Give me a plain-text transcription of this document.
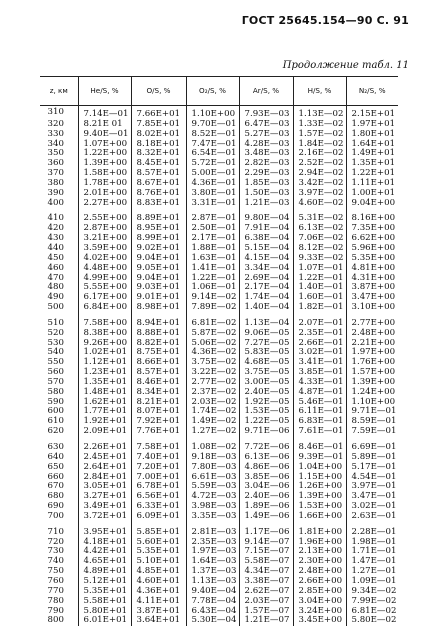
ГОСТ 25645.154—90 С. 91
Продолжение табл. 11
z, км	He/S, %	O/S, %	O₂/S, %	Ar/S, %	H/S, %	N₂/S, %
310	7.14E—01	7.66E+01	1.10E+00	7.93E—03	1.13E—02	2.15E+01
320	8.21E 01	7.85E+01	9.70E—01	6.47E—03	1.33E—02	1.97E+01
330	9.40E—01	8.02E+01	8.52E—01	5.27E—03	1.57E—02	1.80E+01
340	1.07E+00	8.18E+01	7.47E—01	4.28E—03	1.84E—02	1.64E+01
350	1.22E+00	8.32E+01	6.54E—01	3.48E—03	2.16E—02	1.49E+01
360	1.39E+00	8.45E+01	5.72E—01	2.82E—03	2.52E—02	1.35E+01
370	1.58E+00	8.57E+01	5.00E—01	2.29E—03	2.94E—02	1.22E+01
380	1.78E+00	8.67E+01	4.36E—01	1.85E—03	3.42E—02	1.11E+01
390	2.01E+00	8.76E+01	3.80E—01	1.50E—03	3.97E—02	1.00E+01
400	2.27E+00	8.83E+01	3.31E—01	1.21E—03	4.60E—02	9.04E+00

410	2.55E+00	8.89E+01	2.87E—01	9.80E—04	5.31E—02	8.16E+00
420	2.87E+00	8.95E+01	2.50E—01	7.91E—04	6.13E—02	7.35E+00
430	3.21E+00	8.99E+01	2.17E—01	6.38E—04	7.06E—02	6.62E+00
440	3.59E+00	9.02E+01	1.88E—01	5.15E—04	8.12E—02	5.96E+00
450	4.02E+00	9.04E+01	1.63E—01	4.15E—04	9.33E—02	5.35E+00
460	4.48E+00	9.05E+01	1.41E—01	3.34E—04	1.07E—01	4.81E+00
470	4.99E+00	9.04E+01	1.22E—01	2.69E—04	1.22E—01	4.31E+00
480	5.55E+00	9.03E+01	1.06E—01	2.17E—04	1.40E—01	3.87E+00
490	6.17E+00	9.01E+01	9.14E—02	1.74E—04	1.60E—01	3.47E+00
500	6.84E+00	8.98E+01	7.89E—02	1.40E—04	1.82E—01	3.10E+00

510	7.58E+00	8.94E+01	6.81E—02	1.13E—04	2.07E—01	2.77E+00
520	8.38E+00	8.88E+01	5.87E—02	9.06E—05	2.35E—01	2.48E+00
530	9.26E+00	8.82E+01	5.06E—02	7.27E—05	2.66E—01	2.21E+00
540	1.02E+01	8.75E+01	4.36E—02	5.83E—05	3.02E—01	1.97E+00
550	1.12E+01	8.66E+01	3.75E—02	4.68E—05	3.41E—01	1.76E+00
560	1.23E+01	8.57E+01	3.22E—02	3.75E—05	3.85E—01	1.57E+00
570	1.35E+01	8.46E+01	2.77E—02	3.00E—05	4.33E—01	1.39E+00
580	1.48E+01	8.34E+01	2.37E—02	2.40E—05	4.87E—01	1.24E+00
590	1.62E+01	8.21E+01	2.03E—02	1.92E—05	5.46E—01	1.10E+00
600	1.77E+01	8.07E+01	1.74E—02	1.53E—05	6.11E—01	9.71E—01
610	1.92E+01	7.92E+01	1.49E—02	1.22E—05	6.83E—01	8.59E—01
620	2.09E+01	7.76E+01	1.27E—02	9.71E—06	7.61E—01	7.59E—01

630	2.26E+01	7.58E+01	1.08E—02	7.72E—06	8.46E—01	6.69E—01
640	2.45E+01	7.40E+01	9.18E—03	6.13E—06	9.39E—01	5.89E—01
650	2.64E+01	7.20E+01	7.80E—03	4.86E—06	1.04E+00	5.17E—01
660	2.84E+01	7.00E+01	6.61E—03	3.85E—06	1.15E+00	4.54E—01
670	3.05E+01	6.78E+01	5.59E—03	3.04E—06	1.26E+00	3.97E—01
680	3.27E+01	6.56E+01	4.72E—03	2.40E—06	1.39E+00	3.47E—01
690	3.49E+01	6.33E+01	3.98E—03	1.89E—06	1.53E+00	3.02E—01
700	3.72E+01	6.09E+01	3.35E—03	1.49E—06	1.66E+00	2.63E—01

710	3.95E+01	5.85E+01	2.81E—03	1.17E—06	1.81E+00	2.28E—01
720	4.18E+01	5.60E+01	2.35E—03	9.14E—07	1.96E+00	1.98E—01
730	4.42E+01	5.35E+01	1.97E—03	7.15E—07	2.13E+00	1.71E—01
740	4.65E+01	5.10E+01	1.64E—03	5.58E—07	2.30E+00	1.47E—01
750	4.89E+01	4.85E+01	1.37E—03	4.34E—07	2.48E+00	1.27E—01
760	5.12E+01	4.60E+01	1.13E—03	3.38E—07	2.66E+00	1.09E—01
770	5.35E+01	4.36E+01	9.40E—04	2.62E—07	2.85E+00	9.34E—02
780	5.58E+01	4.11E+01	7.78E—04	2.03E—07	3.04E+00	7.99E—02
790	5.80E+01	3.87E+01	6.43E—04	1.57E—07	3.24E+00	6.81E—02
800	6.01E+01	3.64E+01	5.30E—04	1.21E—07	3.45E+00	5.80E—02
